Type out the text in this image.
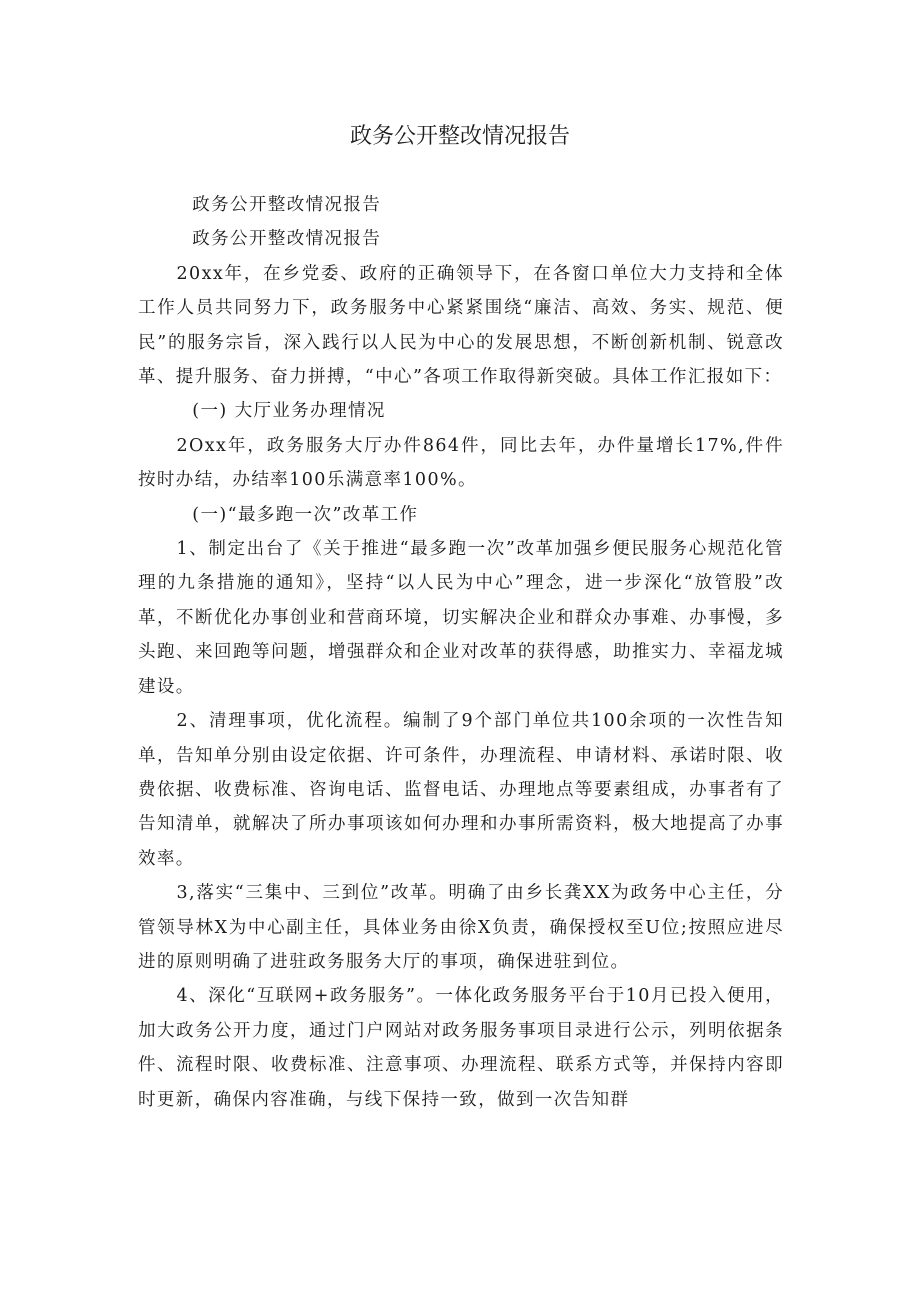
政务公开整改情况报告

政务公开整改情况报告

政务公开整改情况报告

20xx年，在乡党委、政府的正确领导下，在各窗口单位大力支持和全体工作人员共同努力下，政务服务中心紧紧围绕“廉洁、高效、务实、规范、便民”的服务宗旨，深入践行以人民为中心的发展思想，不断创新机制、锐意改革、提升服务、奋力拼搏，“中心”各项工作取得新突破。具体工作汇报如下：

(一) 大厅业务办理情况

2Oxx年，政务服务大厅办件864件，同比去年，办件量增长17%,件件按时办结，办结率100乐满意率100%。

(一)“最多跑一次”改革工作

1、制定出台了《关于推进“最多跑一次”改革加强乡便民服务心规范化管理的九条措施的通知》，坚持“以人民为中心”理念，进一步深化“放管股”改革，不断优化办事创业和营商环境，切实解决企业和群众办事难、办事慢，多头跑、来回跑等问题，增强群众和企业对改革的获得感，助推实力、幸福龙城建设。

2、清理事项，优化流程。编制了9个部门单位共100余项的一次性告知单，告知单分别由设定依据、许可条件，办理流程、申请材料、承诺时限、收费依据、收费标准、咨询电话、监督电话、办理地点等要素组成，办事者有了告知清单，就解决了所办事项该如何办理和办事所需资料，极大地提高了办事效率。

3,落实“三集中、三到位”改革。明确了由乡长龚XX为政务中心主任，分管领导林X为中心副主任，具体业务由徐X负责，确保授权至U位;按照应进尽进的原则明确了进驻政务服务大厅的事项，确保进驻到位。

4、深化“互联网+政务服务”。一体化政务服务平台于10月已投入便用，加大政务公开力度，通过门户网站对政务服务事项目录进行公示，列明依据条件、流程时限、收费标准、注意事项、办理流程、联系方式等，并保持内容即时更新，确保内容准确，与线下保持一致，做到一次告知群
